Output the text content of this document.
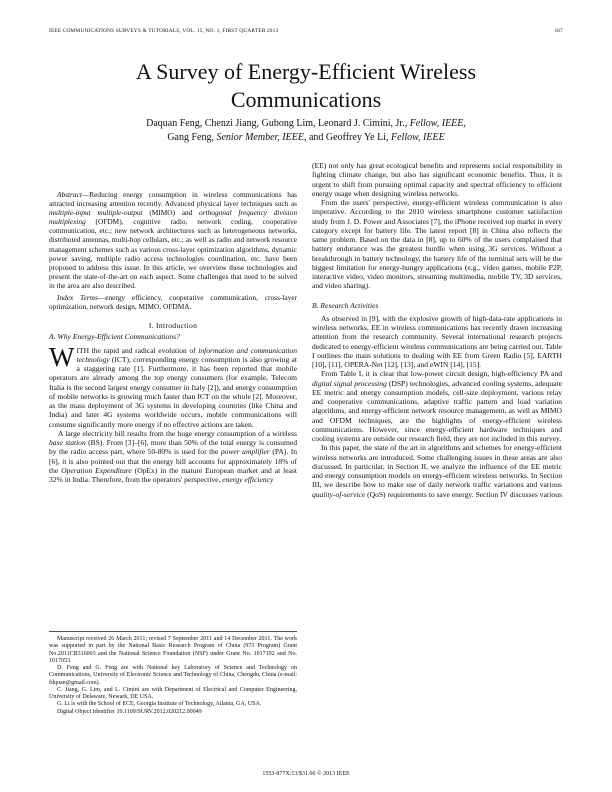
IEEE COMMUNICATIONS SURVEYS & TUTORIALS, VOL. 15, NO. 1, FIRST QUARTER 2013	167
A Survey of Energy-Efficient Wireless
Communications
Daquan Feng, Chenzi Jiang, Gubong Lim, Leonard J. Cimini, Jr., Fellow, IEEE,
Gang Feng, Senior Member, IEEE, and Geoffrey Ye Li, Fellow, IEEE

Abstract—Reducing energy consumption in wireless communications has attracted increasing attention recently. Advanced physical layer techniques such as multiple-input multiple-output (MIMO) and orthogonal frequency division multiplexing (OFDM), cognitive radio, network coding, cooperative communication, etc.; new network architectures such as heterogeneous networks, distributed antennas, multi-hop cellulars, etc.; as well as radio and network resource management schemes such as various cross-layer optimization algorithms, dynamic power saving, multiple radio access technologies coordination, etc. have been proposed to address this issue. In this article, we overview these technologies and present the state-of-the-art on each aspect. Some challenges that need to be solved in the area are also described.

Index Terms—energy efficiency, cooperative communication, cross-layer optimization, network design, MIMO, OFDMA.

I. Introduction
A. Why Energy-Efficient Communications?

WITH the rapid and radical evolution of information and communication technology (ICT), corresponding energy consumption is also growing at a staggering rate [1]. Furthermore, it has been reported that mobile operators are already among the top energy consumers (for example, Telecom Italia is the second largest energy consumer in Italy [2]), and energy consumption of mobile networks is growing much faster than ICT on the whole [2]. Moreover, as the mass deployment of 3G systems in developing countries (like China and India) and later 4G systems worldwide occurs, mobile communications will consume significantly more energy if no effective actions are taken.

A large electricity bill results from the huge energy consumption of a wireless base station (BS). From [3]–[6], more than 50% of the total energy is consumed by the radio access part, where 50-80% is used for the power amplifier (PA). In [6], it is also pointed out that the energy bill accounts for approximately 18% of the Operation Expenditure (OpEx) in the mature European market and at least 32% in India. Therefore, from the operators' perspective, energy efficiency

Manuscript received 26 March 2011; revised 7 September 2011 and 14 December 2011. The work was supported in part by the National Basic Research Program of China (973 Program) Grant No.2011CB316003 and the National Science Foundation (NSF) under Grant No. 1017192 and No. 1017053.

D. Feng and G. Feng are with National key Laboratory of Science and Technology on Communications, University of Electronic Science and Technology of China, Chengdu, China (e-mail: fdquan@gmail.com).

C. Jiang, G. Lim, and L. Cimini are with Department of Electrical and Computer Engineering, University of Delaware, Newark, DE USA.

G. Li is with the School of ECE, Georgia Institute of Technology, Atlanta, GA, USA.

Digital Object Identifier 10.1109/SURV.2012.020212.00049

(EE) not only has great ecological benefits and represents social responsibility in fighting climate change, but also has significant economic benefits. Thus, it is urgent to shift from pursuing optimal capacity and spectral efficiency to efficient energy usage when designing wireless networks.

From the users' perspective, energy-efficient wireless communication is also imperative. According to the 2010 wireless smartphone customer satisfaction study from J. D. Power and Associates [7], the iPhone received top marks in every category except for battery life. The latest report [8] in China also reflects the same problem. Based on the data in [8], up to 60% of the users complained that battery endurance was the greatest hurdle when using 3G services. Without a breakthrough in battery technology, the battery life of the terminal sets will be the biggest limitation for energy-hungry applications (e.g., video games, mobile P2P, interactive video, video monitors, streaming multimedia, mobile TV, 3D services, and video sharing).

B. Research Activities

As observed in [9], with the explosive growth of high-data-rate applications in wireless networks, EE in wireless communications has recently drawn increasing attention from the research community. Several international research projects dedicated to energy-efficient wireless communications are being carried out. Table I outlines the main solutions to dealing with EE from Green Radio [5], EARTH [10], [11], OPERA-Net [12], [13], and eWIN [14], [15].

From Table I, it is clear that low-power circuit design, high-efficiency PA and digital signal processing (DSP) technologies, advanced cooling systems, adequate EE metric and energy consumption models, cell-size deployment, various relay and cooperative communications, adaptive traffic pattern and load variation algorithms, and energy-efficient network resource management, as well as MIMO and OFDM techniques, are the highlights of energy-efficient wireless communications. However, since energy-efficient hardware techniques and cooling systems are outside our research field, they are not included in this survey.

In this paper, the state of the art in algorithms and schemes for energy-efficient wireless networks are introduced. Some challenging issues in these areas are also discussed. In particular, in Section II, we analyze the influence of the EE metric and energy consumption models on energy-efficient wireless networks. In Section III, we describe how to make use of daily network traffic variations and various quality-of-service (QoS) requirements to save energy. Section IV discusses various

1553-877X/13/$31.00 © 2013 IEEE
